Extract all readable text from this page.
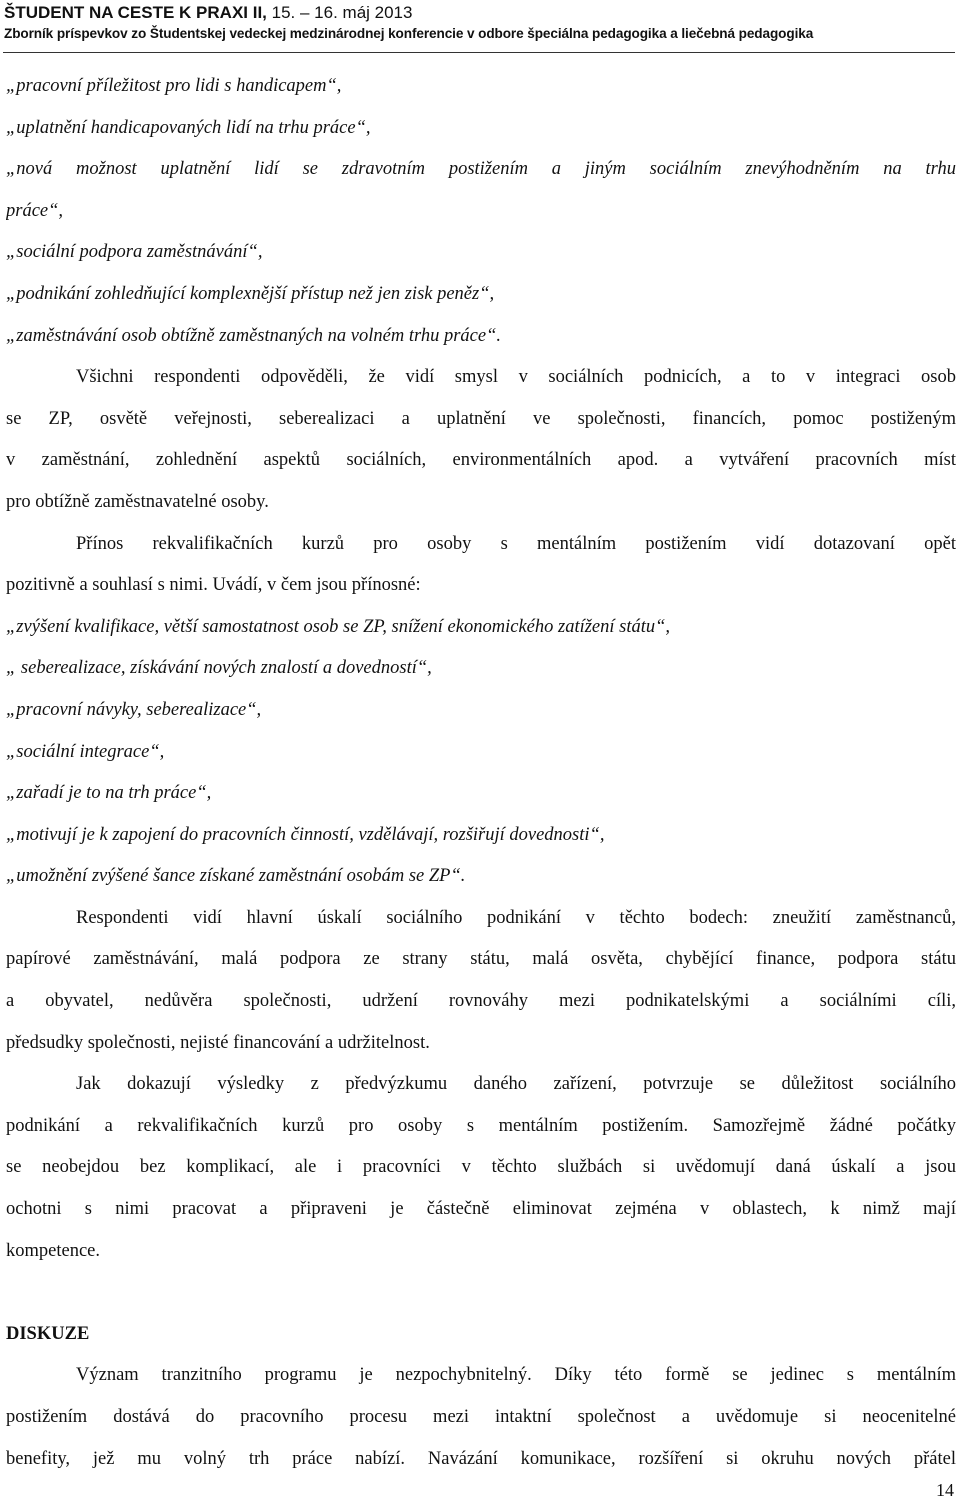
ŠTUDENT NA CESTE K PRAXI II, 15. – 16. máj 2013
Zborník príspevkov zo Študentskej vedeckej medzinárodnej konferencie v odbore špeciálna pedagogika a liečebná pedagogika
„pracovní příležitost pro lidi s handicapem“,
„uplatnění handicapovaných lidí na trhu práce“,
„nová možnost uplatnění lidí se zdravotním postižením a jiným sociálním znevýhodněním na trhu
práce“,
„sociální podpora zaměstnávání“,
„podnikání zohledňující komplexnější přístup než jen zisk peněz“,
„zaměstnávání osob obtížně zaměstnaných na volném trhu práce“.
Všichni respondenti odpověděli, že vidí smysl v sociálních podnicích, a to v integraci osob
se ZP, osvětě veřejnosti, seberealizaci a uplatnění ve společnosti, financích, pomoc postiženým
v zaměstnání, zohlednění aspektů sociálních, environmentálních apod. a vytváření pracovních míst
pro obtížně zaměstnavatelné osoby.
Přínos rekvalifikačních kurzů pro osoby s mentálním postižením vidí dotazovaní opět
pozitivně a souhlasí s nimi. Uvádí, v čem jsou přínosné:
„zvýšení kvalifikace, větší samostatnost osob se ZP, snížení ekonomického zatížení státu“,
„ seberealizace, získávání nových znalostí a dovedností“,
„pracovní návyky, seberealizace“,
„sociální integrace“,
„zařadí je to na trh práce“,
„motivují je k zapojení do pracovních činností, vzdělávají, rozšiřují dovednosti“,
„umožnění zvýšené šance získané zaměstnání osobám se ZP“.
Respondenti vidí hlavní úskalí sociálního podnikání v těchto bodech: zneužití zaměstnanců,
papírové zaměstnávání, malá podpora ze strany státu, malá osvěta, chybějící finance, podpora státu
a obyvatel, nedůvěra společnosti, udržení rovnováhy mezi podnikatelskými a sociálními cíli,
předsudky společnosti, nejisté financování a udržitelnost.
Jak dokazují výsledky z předvýzkumu daného zařízení, potvrzuje se důležitost sociálního
podnikání a rekvalifikačních kurzů pro osoby s mentálním postižením. Samozřejmě žádné počátky
se neobejdou bez komplikací, ale i pracovníci v těchto službách si uvědomují daná úskalí a jsou
ochotni s nimi pracovat a připraveni je částečně eliminovat zejména v oblastech, k nimž mají
kompetence.
DISKUZE
Význam tranzitního programu je nezpochybnitelný. Díky této formě se jedinec s mentálním
postižením dostává do pracovního procesu mezi intaktní společnost a uvědomuje si neocenitelné
benefity, jež mu volný trh práce nabízí. Navázání komunikace, rozšíření si okruhu nových přátel
14
